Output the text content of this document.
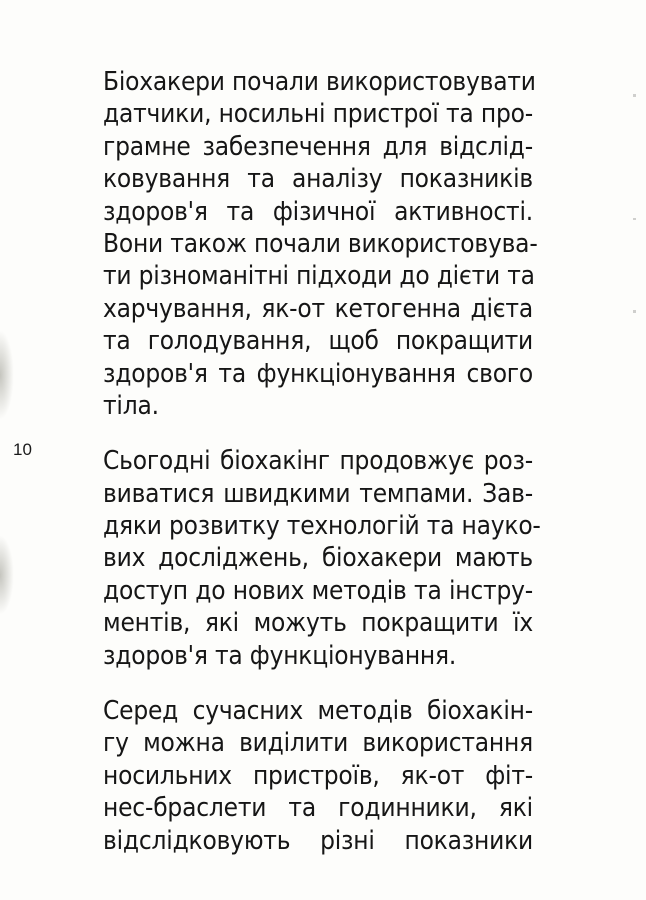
10

Біохакери почали використовувати
датчики, носильні пристрої та про-
грамне забезпечення для відслід-
ковування та аналізу показників
здоров'я та фізичної активності.
Вони також почали використовува-
ти різноманітні підходи до дієти та
харчування, як-от кетогенна дієта
та голодування, щоб покращити
здоров'я та функціонування свого
тіла.

Сьогодні біохакінг продовжує роз-
виватися швидкими темпами. Зав-
дяки розвитку технологій та науко-
вих досліджень, біохакери мають
доступ до нових методів та інстру-
ментів, які можуть покращити їх
здоров'я та функціонування.

Серед сучасних методів біохакін-
гу можна виділити використання
носильних пристроїв, як-от фіт-
нес-браслети та годинники, які
відслідковують різні показники
